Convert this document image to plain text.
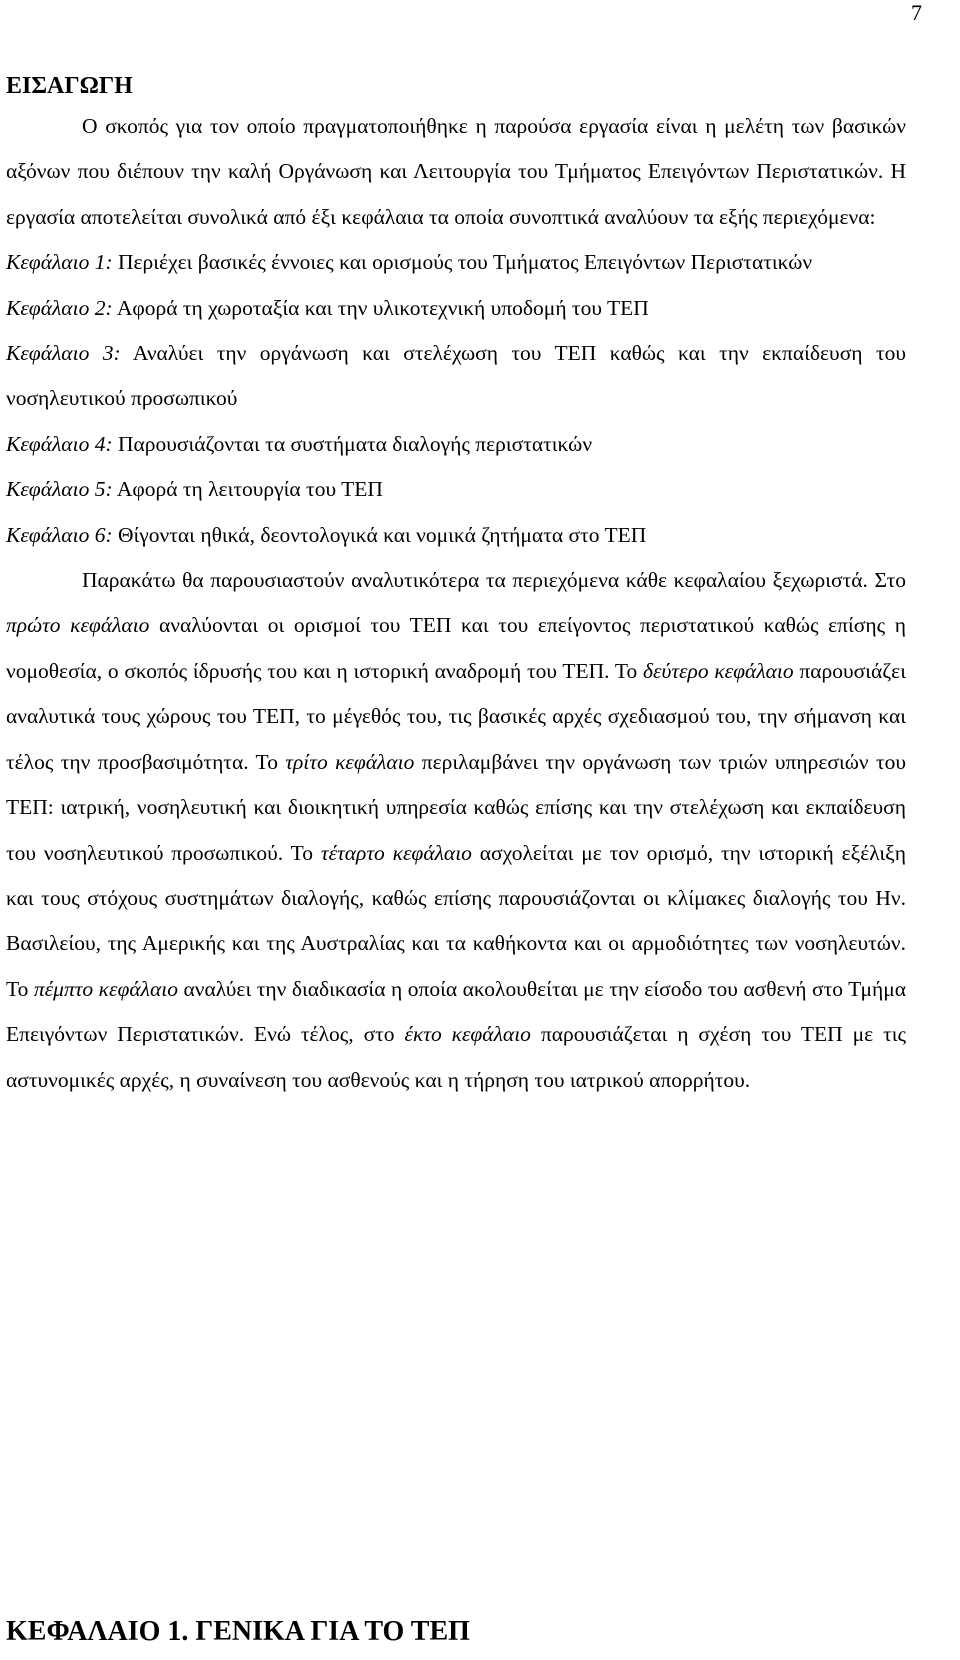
7
ΕΙΣΑΓΩΓΗ

Ο σκοπός για τον οποίο πραγματοποιήθηκε η παρούσα εργασία είναι η μελέτη των βασικών αξόνων που διέπουν την καλή Οργάνωση και Λειτουργία του Τμήματος Επειγόντων Περιστατικών. Η εργασία αποτελείται συνολικά από έξι κεφάλαια τα οποία συνοπτικά αναλύουν τα εξής περιεχόμενα:

Κεφάλαιο 1: Περιέχει βασικές έννοιες και ορισμούς του Τμήματος Επειγόντων Περιστατικών

Κεφάλαιο 2: Αφορά τη χωροταξία και την υλικοτεχνική υποδομή του ΤΕΠ

Κεφάλαιο 3: Αναλύει την οργάνωση και στελέχωση του ΤΕΠ καθώς και την εκπαίδευση του νοσηλευτικού προσωπικού

Κεφάλαιο 4: Παρουσιάζονται τα συστήματα διαλογής περιστατικών

Κεφάλαιο 5: Αφορά τη λειτουργία του ΤΕΠ

Κεφάλαιο 6: Θίγονται ηθικά, δεοντολογικά και νομικά ζητήματα στο ΤΕΠ

Παρακάτω θα παρουσιαστούν αναλυτικότερα τα περιεχόμενα κάθε κεφαλαίου ξεχωριστά. Στο πρώτο κεφάλαιο αναλύονται οι ορισμοί του ΤΕΠ και του επείγοντος περιστατικού καθώς επίσης η νομοθεσία, ο σκοπός ίδρυσής του και η ιστορική αναδρομή του ΤΕΠ. Το δεύτερο κεφάλαιο παρουσιάζει αναλυτικά τους χώρους του ΤΕΠ, το μέγεθός του, τις βασικές αρχές σχεδιασμού του, την σήμανση και τέλος την προσβασιμότητα. Το τρίτο κεφάλαιο περιλαμβάνει την οργάνωση των τριών υπηρεσιών του ΤΕΠ: ιατρική, νοσηλευτική και διοικητική υπηρεσία καθώς επίσης και την στελέχωση και εκπαίδευση του νοσηλευτικού προσωπικού. Το τέταρτο κεφάλαιο ασχολείται με τον ορισμό, την ιστορική εξέλιξη και τους στόχους συστημάτων διαλογής, καθώς επίσης παρουσιάζονται οι κλίμακες διαλογής του Ην. Βασιλείου, της Αμερικής και της Αυστραλίας και τα καθήκοντα και οι αρμοδιότητες των νοσηλευτών. Το πέμπτο κεφάλαιο αναλύει την διαδικασία η οποία ακολουθείται με την είσοδο του ασθενή στο Τμήμα Επειγόντων Περιστατικών. Ενώ τέλος, στο έκτο κεφάλαιο παρουσιάζεται η σχέση του ΤΕΠ με τις αστυνομικές αρχές, η συναίνεση του ασθενούς και η τήρηση του ιατρικού απορρήτου.

ΚΕΦΑΛΑΙΟ 1. ΓΕΝΙΚΑ ΓΙΑ ΤΟ ΤΕΠ
